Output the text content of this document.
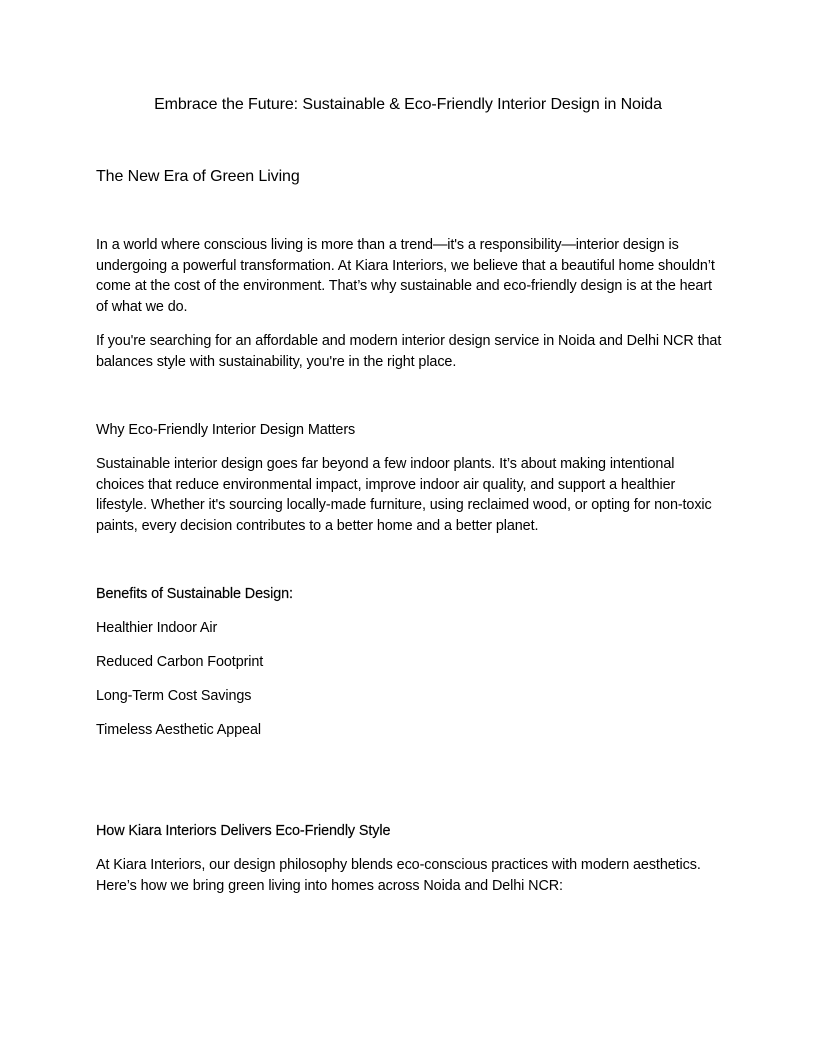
Embrace the Future: Sustainable & Eco-Friendly Interior Design in Noida
The New Era of Green Living
In a world where conscious living is more than a trend—it's a responsibility—interior design is undergoing a powerful transformation. At Kiara Interiors, we believe that a beautiful home shouldn’t come at the cost of the environment. That’s why sustainable and eco-friendly design is at the heart of what we do.
If you're searching for an affordable and modern interior design service in Noida and Delhi NCR that balances style with sustainability, you're in the right place.
Why Eco-Friendly Interior Design Matters
Sustainable interior design goes far beyond a few indoor plants. It’s about making intentional choices that reduce environmental impact, improve indoor air quality, and support a healthier lifestyle. Whether it's sourcing locally-made furniture, using reclaimed wood, or opting for non-toxic paints, every decision contributes to a better home and a better planet.
Benefits of Sustainable Design:
Healthier Indoor Air
Reduced Carbon Footprint
Long-Term Cost Savings
Timeless Aesthetic Appeal
How Kiara Interiors Delivers Eco-Friendly Style
At Kiara Interiors, our design philosophy blends eco-conscious practices with modern aesthetics. Here’s how we bring green living into homes across Noida and Delhi NCR:
